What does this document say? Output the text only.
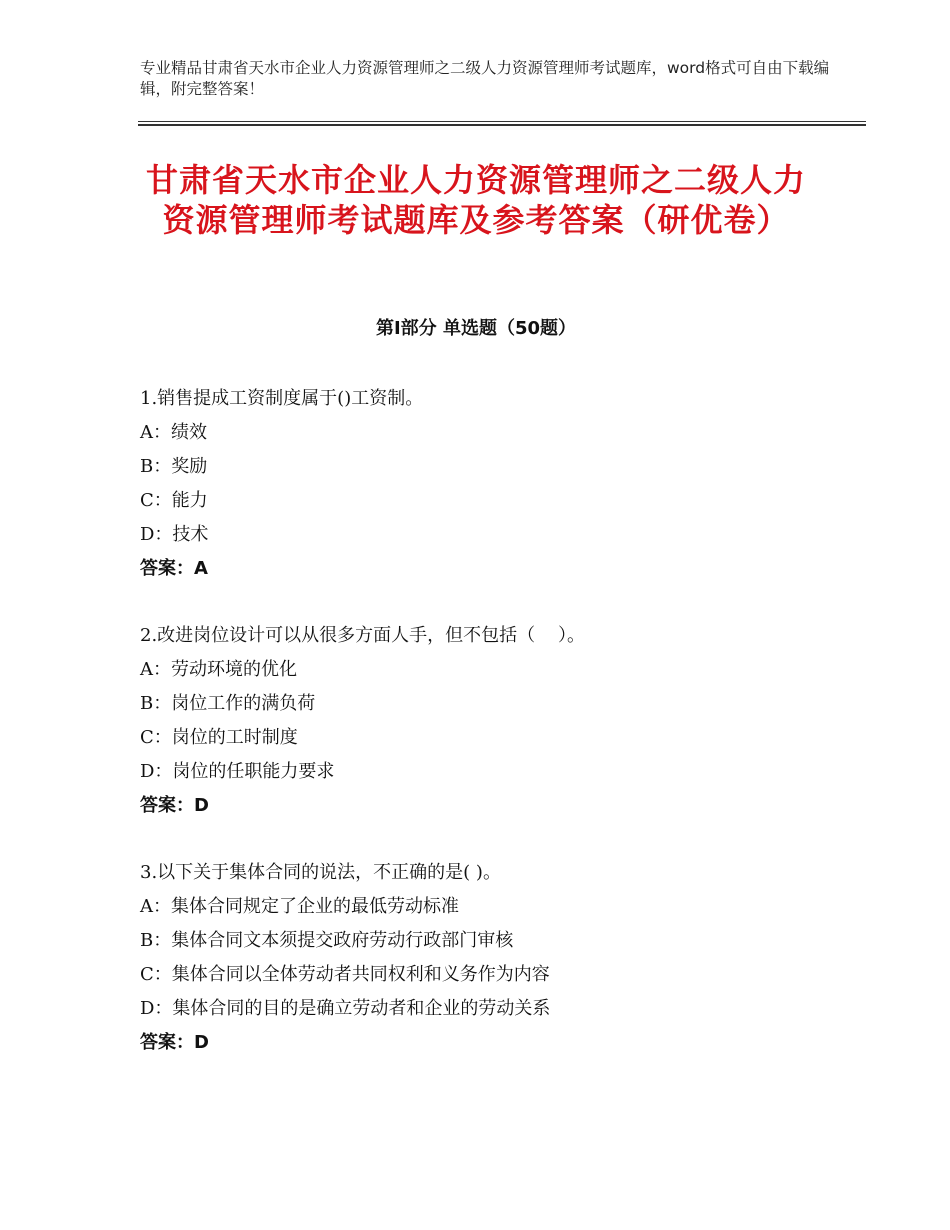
专业精品甘肃省天水市企业人力资源管理师之二级人力资源管理师考试题库，word格式可自由下载编辑，附完整答案！
甘肃省天水市企业人力资源管理师之二级人力资源管理师考试题库及参考答案（研优卷）
第Ⅰ部分 单选题（50题）
1.销售提成工资制度属于()工资制。
A：绩效
B：奖励
C：能力
D：技术
答案：A
2.改进岗位设计可以从很多方面人手，但不包括（    ）。
A：劳动环境的优化
B：岗位工作的满负荷
C：岗位的工时制度
D：岗位的任职能力要求
答案：D
3.以下关于集体合同的说法，不正确的是( )。
A：集体合同规定了企业的最低劳动标准
B：集体合同文本须提交政府劳动行政部门审核
C：集体合同以全体劳动者共同权利和义务作为内容
D：集体合同的目的是确立劳动者和企业的劳动关系
答案：D
